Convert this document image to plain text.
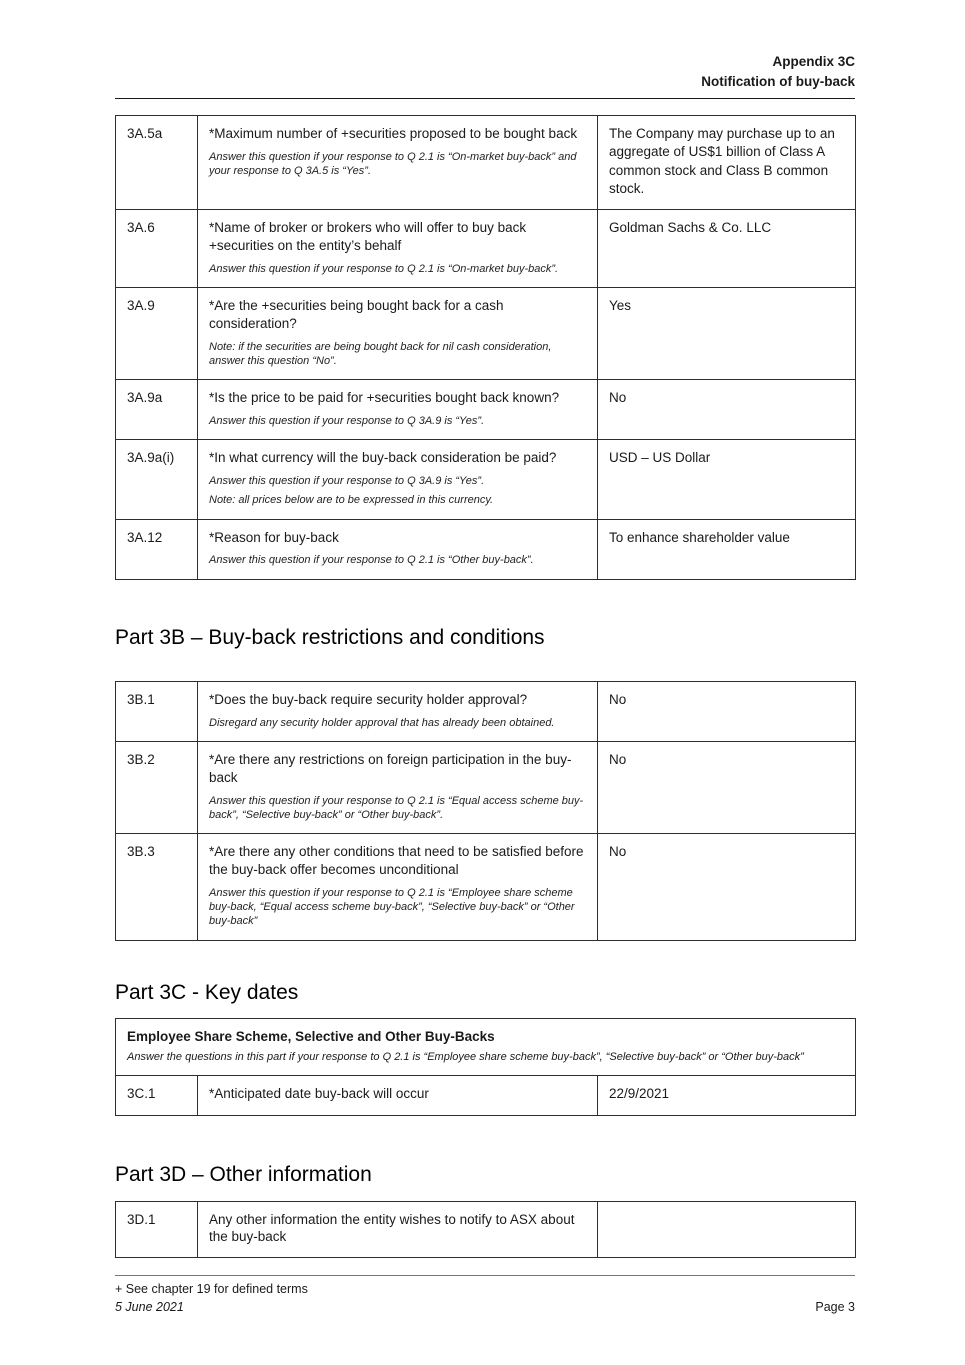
Appendix 3C
Notification of buy-back
3A.5a	*Maximum number of +securities proposed to be bought back
Answer this question if your response to Q 2.1 is “On-market buy-back” and your response to Q 3A.5 is “Yes”.	The Company may purchase up to an aggregate of US$1 billion of Class A common stock and Class B common stock.

3A.6	*Name of broker or brokers who will offer to buy back +securities on the entity’s behalf
Answer this question if your response to Q 2.1 is “On-market buy-back”.	Goldman Sachs & Co. LLC

3A.9	*Are the +securities being bought back for a cash consideration?
Note: if the securities are being bought back for nil cash consideration, answer this question “No”.	Yes

3A.9a	*Is the price to be paid for +securities bought back known?
Answer this question if your response to Q 3A.9 is “Yes”.	No

3A.9a(i)	*In what currency will the buy-back consideration be paid?
Answer this question if your response to Q 3A.9 is “Yes”.
Note: all prices below are to be expressed in this currency.	USD – US Dollar

3A.12	*Reason for buy-back
Answer this question if your response to Q 2.1 is “Other buy-back”.	To enhance shareholder value
Part 3B – Buy-back restrictions and conditions
3B.1	*Does the buy-back require security holder approval?
Disregard any security holder approval that has already been obtained.	No

3B.2	*Are there any restrictions on foreign participation in the buy-back
Answer this question if your response to Q 2.1 is “Equal access scheme buy-back”, “Selective buy-back” or “Other buy-back”.	No

3B.3	*Are there any other conditions that need to be satisfied before the buy-back offer becomes unconditional
Answer this question if your response to Q 2.1 is “Employee share scheme buy-back, “Equal access scheme buy-back”, “Selective buy-back” or “Other buy-back”	No
Part 3C - Key dates
Employee Share Scheme, Selective and Other Buy-Backs
Answer the questions in this part if your response to Q 2.1 is “Employee share scheme buy-back”, “Selective buy-back” or “Other buy-back”

3C.1	*Anticipated date buy-back will occur	22/9/2021
Part 3D – Other information
3D.1	Any other information the entity wishes to notify to ASX about the buy-back

+ See chapter 19 for defined terms
5 June 2021	Page 3
